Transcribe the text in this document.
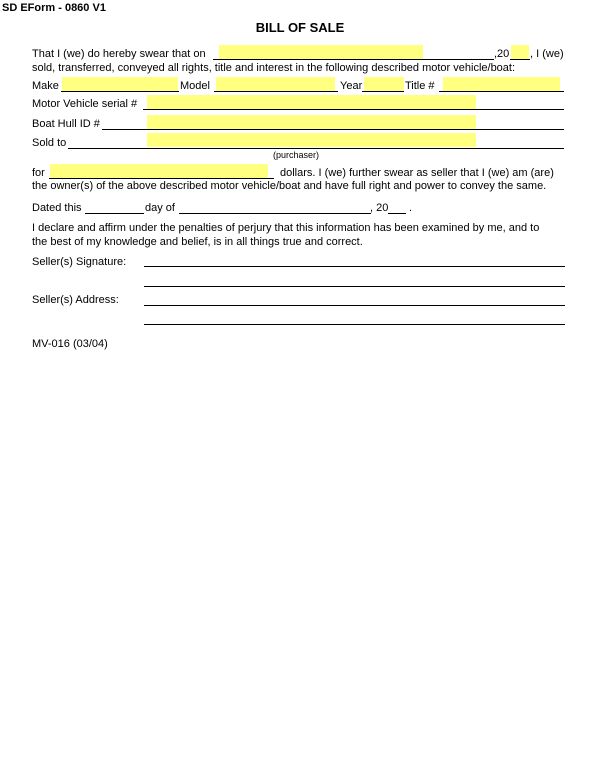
SD EForm - 0860 V1
BILL OF SALE
That I (we) do hereby swear that on	,20 , I (we)
sold, transferred, conveyed all rights, title and interest in the following described motor vehicle/boat:
Make	Model	Year	Title #
Motor Vehicle serial #
Boat Hull ID #
Sold to
(purchaser)
for	dollars. I (we) further swear as seller that I (we) am (are)
the owner(s) of the above described motor vehicle/boat and have full right and power to convey the same.
Dated this	day of	, 20 .
I declare and affirm under the penalties of perjury that this information has been examined by me, and to
the best of my knowledge and belief, is in all things true and correct.
Seller(s) Signature:
Seller(s) Address:
MV-016 (03/04)
